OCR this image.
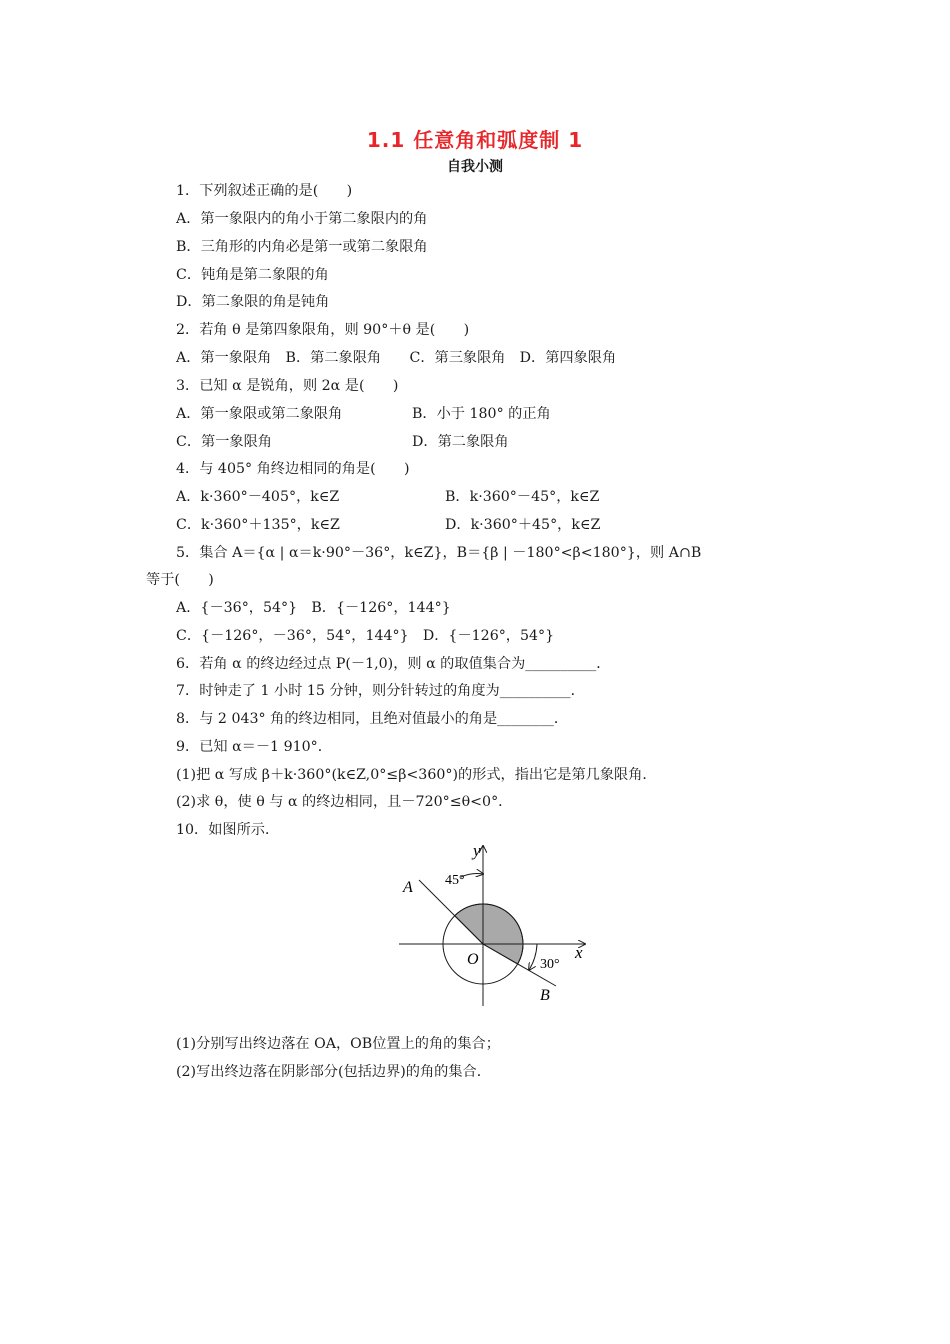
1.1 任意角和弧度制 1
自我小测
1．下列叙述正确的是(　　)
A．第一象限内的角小于第二象限内的角
B．三角形的内角必是第一或第二象限角
C．钝角是第二象限的角
D．第二象限的角是钝角
2．若角 θ 是第四象限角，则 90°＋θ 是(　　)
A．第一象限角　B．第二象限角　　C．第三象限角　D．第四象限角
3．已知 α 是锐角，则 2α 是(　　)
A．第一象限或第二象限角	B．小于 180° 的正角
C．第一象限角	D．第二象限角
4．与 405° 角终边相同的角是(　　)
A．k·360°－405°，k∈Z	B．k·360°－45°，k∈Z
C．k·360°＋135°，k∈Z	D．k·360°＋45°，k∈Z
5．集合 A＝{α | α＝k·90°－36°，k∈Z}，B＝{β | －180°<β<180°}，则 A∩B
等于(　　)
A．{－36°，54°}　B．{－126°，144°}
C．{－126°，－36°，54°，144°}　D．{－126°，54°}
6．若角 α 的终边经过点 P(－1,0)，则 α 的取值集合为__________．
7．时钟走了 1 小时 15 分钟，则分针转过的角度为__________．
8．与 2 043° 角的终边相同，且绝对值最小的角是________．
9．已知 α＝－1 910°．
(1)把 α 写成 β＋k·360°(k∈Z,0°≤β<360°)的形式，指出它是第几象限角．
(2)求 θ，使 θ 与 α 的终边相同，且－720°≤θ<0°．
10．如图所示．
y
x
O
A
B
45°
30°
(1)分别写出终边落在 OA，OB位置上的角的集合；
(2)写出终边落在阴影部分(包括边界)的角的集合．
